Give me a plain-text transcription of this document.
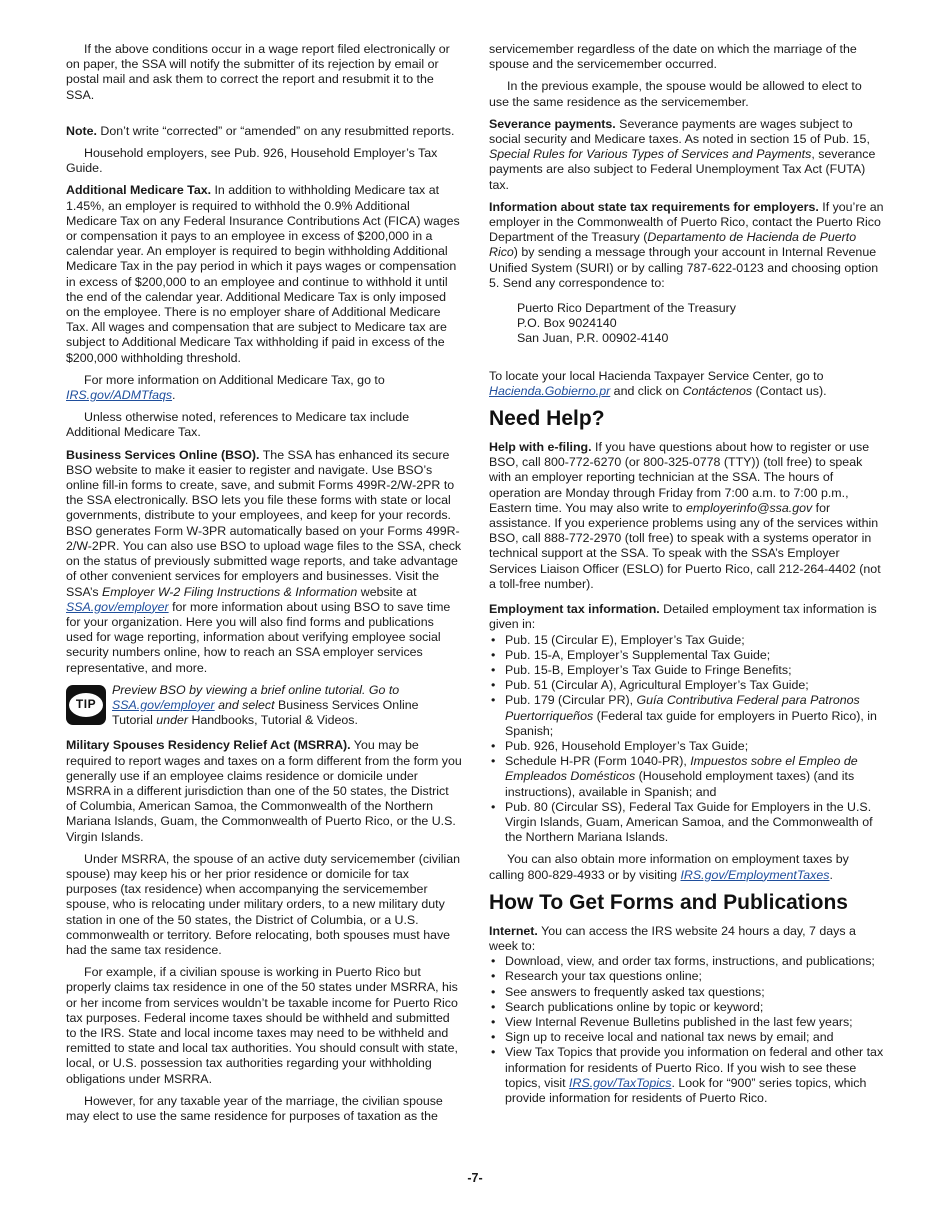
If the above conditions occur in a wage report filed electronically or on paper, the SSA will notify the submitter of its rejection by email or postal mail and ask them to correct the report and resubmit it to the SSA.

Note. Don’t write “corrected” or “amended” on any resubmitted reports.

Household employers, see Pub. 926, Household Employer’s Tax Guide.

Additional Medicare Tax. In addition to withholding Medicare tax at 1.45%, an employer is required to withhold the 0.9% Additional Medicare Tax on any Federal Insurance Contributions Act (FICA) wages or compensation it pays to an employee in excess of $200,000 in a calendar year. An employer is required to begin withholding Additional Medicare Tax in the pay period in which it pays wages or compensation in excess of $200,000 to an employee and continue to withhold it until the end of the calendar year. Additional Medicare Tax is only imposed on the employee. There is no employer share of Additional Medicare Tax. All wages and compensation that are subject to Medicare tax are subject to Additional Medicare Tax withholding if paid in excess of the $200,000 withholding threshold.

For more information on Additional Medicare Tax, go to IRS.gov/ADMTfaqs.

Unless otherwise noted, references to Medicare tax include Additional Medicare Tax.

Business Services Online (BSO). The SSA has enhanced its secure BSO website to make it easier to register and navigate. Use BSO’s online fill-in forms to create, save, and submit Forms 499R-2/W-2PR to the SSA electronically. BSO lets you file these forms with state or local governments, distribute to your employees, and keep for your records. BSO generates Form W-3PR automatically based on your Forms 499R-2/W-2PR. You can also use BSO to upload wage files to the SSA, check on the status of previously submitted wage reports, and take advantage of other convenient services for employers and businesses. Visit the SSA’s Employer W-2 Filing Instructions & Information website at SSA.gov/employer for more information about using BSO to save time for your organization. Here you will also find forms and publications used for wage reporting, information about verifying employee social security numbers online, how to reach an SSA employer services representative, and more.

TIP
Preview BSO by viewing a brief online tutorial. Go to SSA.gov/employer and select Business Services Online Tutorial under Handbooks, Tutorial & Videos.

Military Spouses Residency Relief Act (MSRRA). You may be required to report wages and taxes on a form different from the form you generally use if an employee claims residence or domicile under MSRRA in a different jurisdiction than one of the 50 states, the District of Columbia, American Samoa, the Commonwealth of the Northern Mariana Islands, Guam, the Commonwealth of Puerto Rico, or the U.S. Virgin Islands.

Under MSRRA, the spouse of an active duty servicemember (civilian spouse) may keep his or her prior residence or domicile for tax purposes (tax residence) when accompanying the servicemember spouse, who is relocating under military orders, to a new military duty station in one of the 50 states, the District of Columbia, or a U.S. commonwealth or territory. Before relocating, both spouses must have had the same tax residence.

For example, if a civilian spouse is working in Puerto Rico but properly claims tax residence in one of the 50 states under MSRRA, his or her income from services wouldn’t be taxable income for Puerto Rico tax purposes. Federal income taxes should be withheld and submitted to the IRS. State and local income taxes may need to be withheld and remitted to state and local tax authorities. You should consult with state, local, or U.S. possession tax authorities regarding your withholding obligations under MSRRA.

However, for any taxable year of the marriage, the civilian spouse may elect to use the same residence for purposes of taxation as the

servicemember regardless of the date on which the marriage of the spouse and the servicemember occurred.

In the previous example, the spouse would be allowed to elect to use the same residence as the servicemember.

Severance payments. Severance payments are wages subject to social security and Medicare taxes. As noted in section 15 of Pub. 15, Special Rules for Various Types of Services and Payments, severance payments are also subject to Federal Unemployment Tax Act (FUTA) tax.

Information about state tax requirements for employers. If you’re an employer in the Commonwealth of Puerto Rico, contact the Puerto Rico Department of the Treasury (Departamento de Hacienda de Puerto Rico) by sending a message through your account in Internal Revenue Unified System (SURI) or by calling 787-622-0123 and choosing option 5. Send any correspondence to:

Puerto Rico Department of the Treasury
P.O. Box 9024140
San Juan, P.R. 00902-4140

To locate your local Hacienda Taxpayer Service Center, go to Hacienda.Gobierno.pr and click on Contáctenos (Contact us).

Need Help?

Help with e-filing. If you have questions about how to register or use BSO, call 800-772-6270 (or 800-325-0778 (TTY)) (toll free) to speak with an employer reporting technician at the SSA. The hours of operation are Monday through Friday from 7:00 a.m. to 7:00 p.m., Eastern time. You may also write to employerinfo@ssa.gov for assistance. If you experience problems using any of the services within BSO, call 888-772-2970 (toll free) to speak with a systems operator in technical support at the SSA. To speak with the SSA’s Employer Services Liaison Officer (ESLO) for Puerto Rico, call 212-264-4402 (not a toll-free number).

Employment tax information. Detailed employment tax information is given in:

• Pub. 15 (Circular E), Employer’s Tax Guide;
• Pub. 15-A, Employer’s Supplemental Tax Guide;
• Pub. 15-B, Employer’s Tax Guide to Fringe Benefits;
• Pub. 51 (Circular A), Agricultural Employer’s Tax Guide;
• Pub. 179 (Circular PR), Guía Contributiva Federal para Patronos Puertorriqueños (Federal tax guide for employers in Puerto Rico), in Spanish;
• Pub. 926, Household Employer’s Tax Guide;
• Schedule H-PR (Form 1040-PR), Impuestos sobre el Empleo de Empleados Domésticos (Household employment taxes) (and its instructions), available in Spanish; and
• Pub. 80 (Circular SS), Federal Tax Guide for Employers in the U.S. Virgin Islands, Guam, American Samoa, and the Commonwealth of the Northern Mariana Islands.

You can also obtain more information on employment taxes by calling 800-829-4933 or by visiting IRS.gov/EmploymentTaxes.

How To Get Forms and Publications

Internet. You can access the IRS website 24 hours a day, 7 days a week to:

• Download, view, and order tax forms, instructions, and publications;
• Research your tax questions online;
• See answers to frequently asked tax questions;
• Search publications online by topic or keyword;
• View Internal Revenue Bulletins published in the last few years;
• Sign up to receive local and national tax news by email; and
• View Tax Topics that provide you information on federal and other tax information for residents of Puerto Rico. If you wish to see these topics, visit IRS.gov/TaxTopics. Look for “900” series topics, which provide information for residents of Puerto Rico.
-7-
